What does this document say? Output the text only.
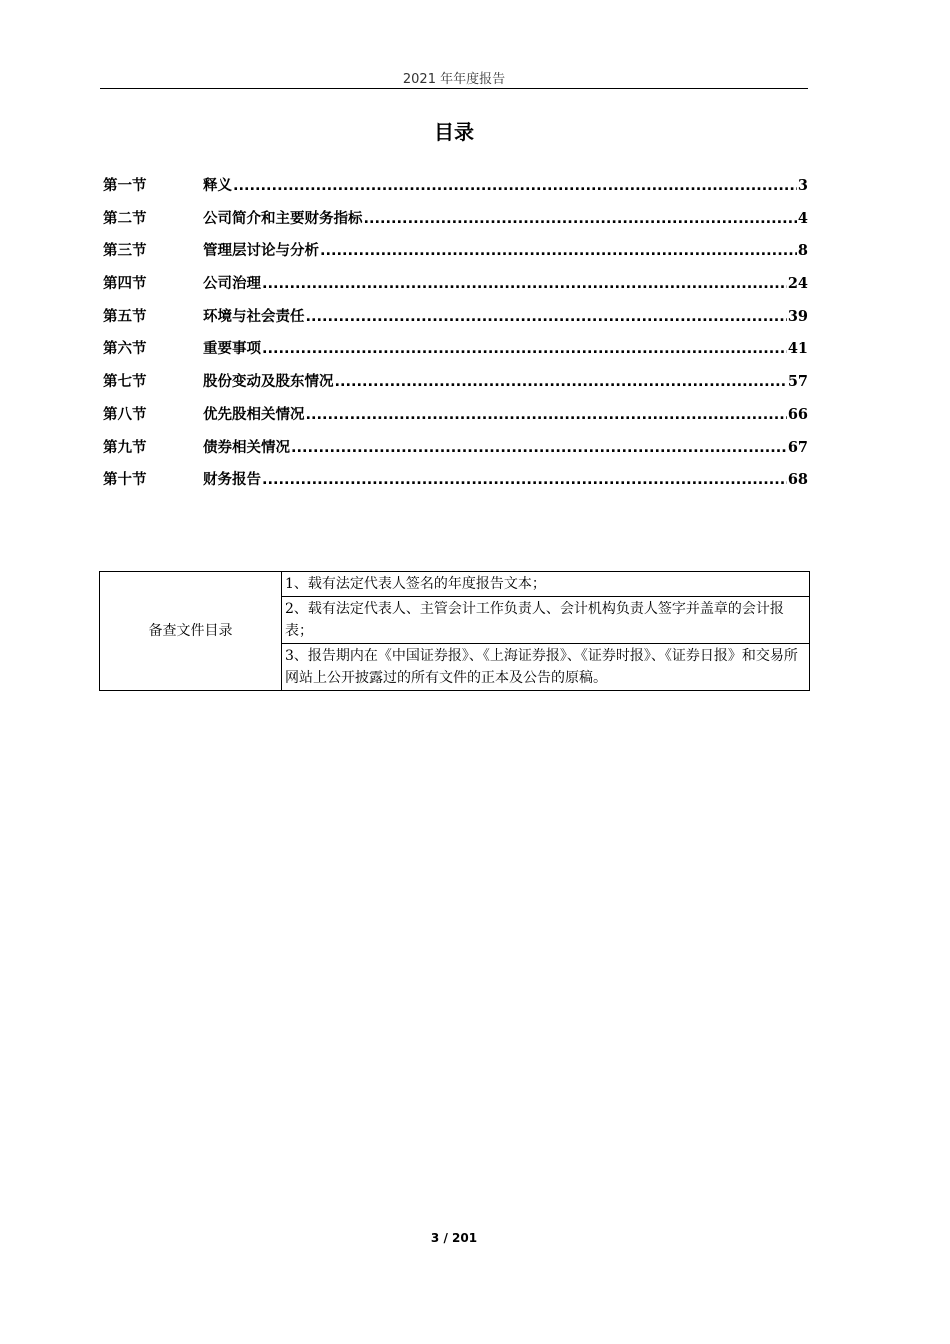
2021 年年度报告
目录
第一节	释义 .....	3
第二节	公司简介和主要财务指标 .....	4
第三节	管理层讨论与分析 .....	8
第四节	公司治理 .....	24
第五节	环境与社会责任 .....	39
第六节	重要事项 .....	41
第七节	股份变动及股东情况 .....	57
第八节	优先股相关情况 .....	66
第九节	债券相关情况 .....	67
第十节	财务报告 .....	68
备查文件目录	1、载有法定代表人签名的年度报告文本；
2、载有法定代表人、主管会计工作负责人、会计机构负责人签字并盖章的会计报表；
3、报告期内在《中国证券报》、《上海证券报》、《证券时报》、《证券日报》和交易所网站上公开披露过的所有文件的正本及公告的原稿。
3 / 201
